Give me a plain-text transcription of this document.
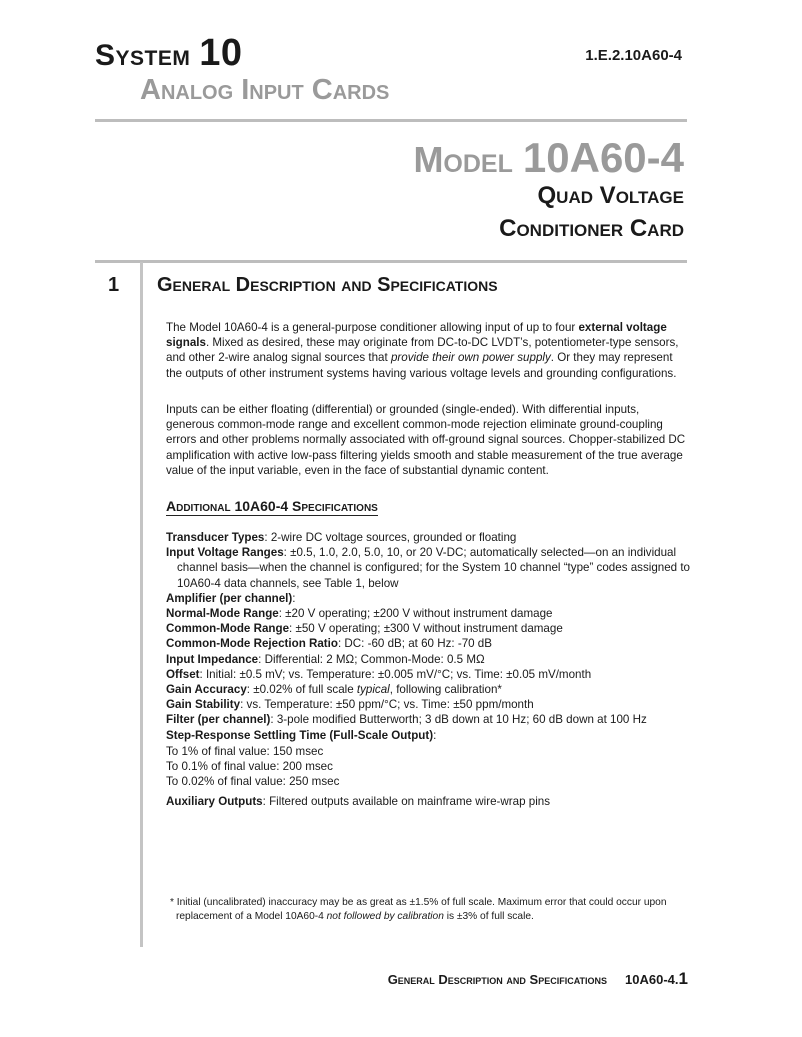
System 10	1.E.2.10A60-4
Analog Input Cards
Model 10A60-4
Quad Voltage
Conditioner Card
1 General Description and Specifications

The Model 10A60-4 is a general-purpose conditioner allowing input of up to four external voltage signals. Mixed as desired, these may originate from DC-to-DC LVDT’s, potentiometer-type sensors, and other 2-wire analog signal sources that provide their own power supply. Or they may represent the outputs of other instrument systems having various voltage levels and grounding configurations.

Inputs can be either floating (differential) or grounded (single-ended). With differential inputs, generous common-mode range and excellent common-mode rejection eliminate ground-coupling errors and other problems normally associated with off-ground signal sources. Chopper-stabilized DC amplification with active low-pass filtering yields smooth and stable measurement of the true average value of the input variable, even in the face of substantial dynamic content.

Additional 10A60-4 Specifications

Transducer Types: 2-wire DC voltage sources, grounded or floating

Input Voltage Ranges: ±0.5, 1.0, 2.0, 5.0, 10, or 20 V-DC; automatically selected—on an individual channel basis—when the channel is configured; for the System 10 channel “type” codes assigned to 10A60-4 data channels, see Table 1, below

Amplifier (per channel):

Normal-Mode Range: ±20 V operating; ±200 V without instrument damage

Common-Mode Range: ±50 V operating; ±300 V without instrument damage

Common-Mode Rejection Ratio: DC: -60 dB; at 60 Hz: -70 dB

Input Impedance: Differential: 2 MΩ; Common-Mode: 0.5 MΩ

Offset: Initial: ±0.5 mV; vs. Temperature: ±0.005 mV/°C; vs. Time: ±0.05 mV/month

Gain Accuracy: ±0.02% of full scale typical, following calibration*

Gain Stability: vs. Temperature: ±50 ppm/°C; vs. Time: ±50 ppm/month

Filter (per channel): 3-pole modified Butterworth; 3 dB down at 10 Hz; 60 dB down at 100 Hz

Step-Response Settling Time (Full-Scale Output):

To 1% of final value: 150 msec

To 0.1% of final value: 200 msec

To 0.02% of final value: 250 msec

Auxiliary Outputs: Filtered outputs available on mainframe wire-wrap pins

* Initial (uncalibrated) inaccuracy may be as great as ±1.5% of full scale. Maximum error that could occur upon replacement of a Model 10A60-4 not followed by calibration is ±3% of full scale.
General Description and Specifications 10A60-4.1
